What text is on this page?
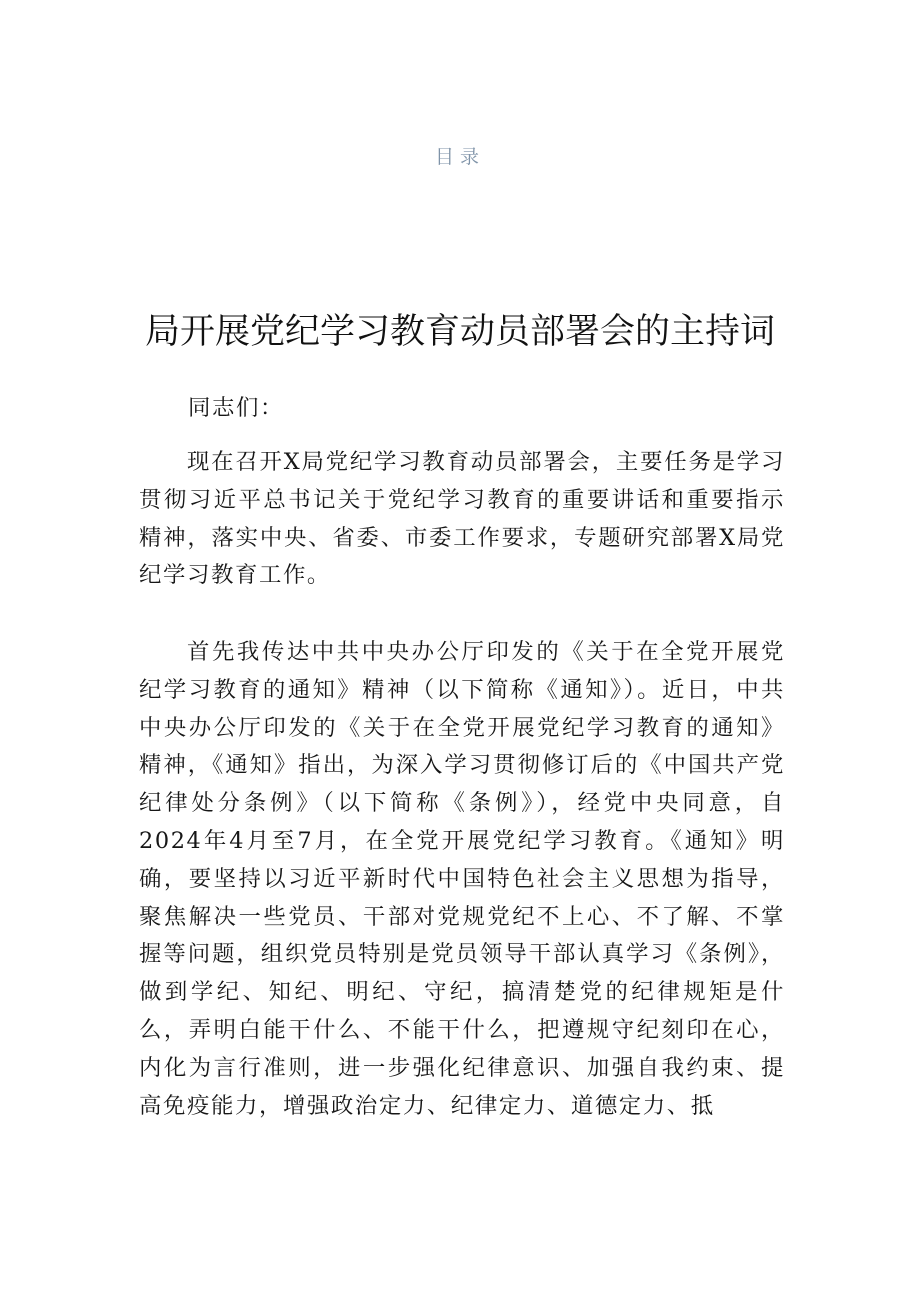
目录
局开展党纪学习教育动员部署会的主持词
同志们：

现在召开X局党纪学习教育动员部署会，主要任务是学习贯彻习近平总书记关于党纪学习教育的重要讲话和重要指示精神，落实中央、省委、市委工作要求，专题研究部署X局党纪学习教育工作。

首先我传达中共中央办公厅印发的《关于在全党开展党纪学习教育的通知》精神（以下简称《通知》）。近日，中共中央办公厅印发的《关于在全党开展党纪学习教育的通知》精神，《通知》指出，为深入学习贯彻修订后的《中国共产党纪律处分条例》（以下简称《条例》），经党中央同意，自2024年4月至7月，在全党开展党纪学习教育。《通知》明确，要坚持以习近平新时代中国特色社会主义思想为指导，聚焦解决一些党员、干部对党规党纪不上心、不了解、不掌握等问题，组织党员特别是党员领导干部认真学习《条例》，做到学纪、知纪、明纪、守纪，搞清楚党的纪律规矩是什么，弄明白能干什么、不能干什么，把遵规守纪刻印在心，内化为言行准则，进一步强化纪律意识、加强自我约束、提高免疫能力，增强政治定力、纪律定力、道德定力、抵
